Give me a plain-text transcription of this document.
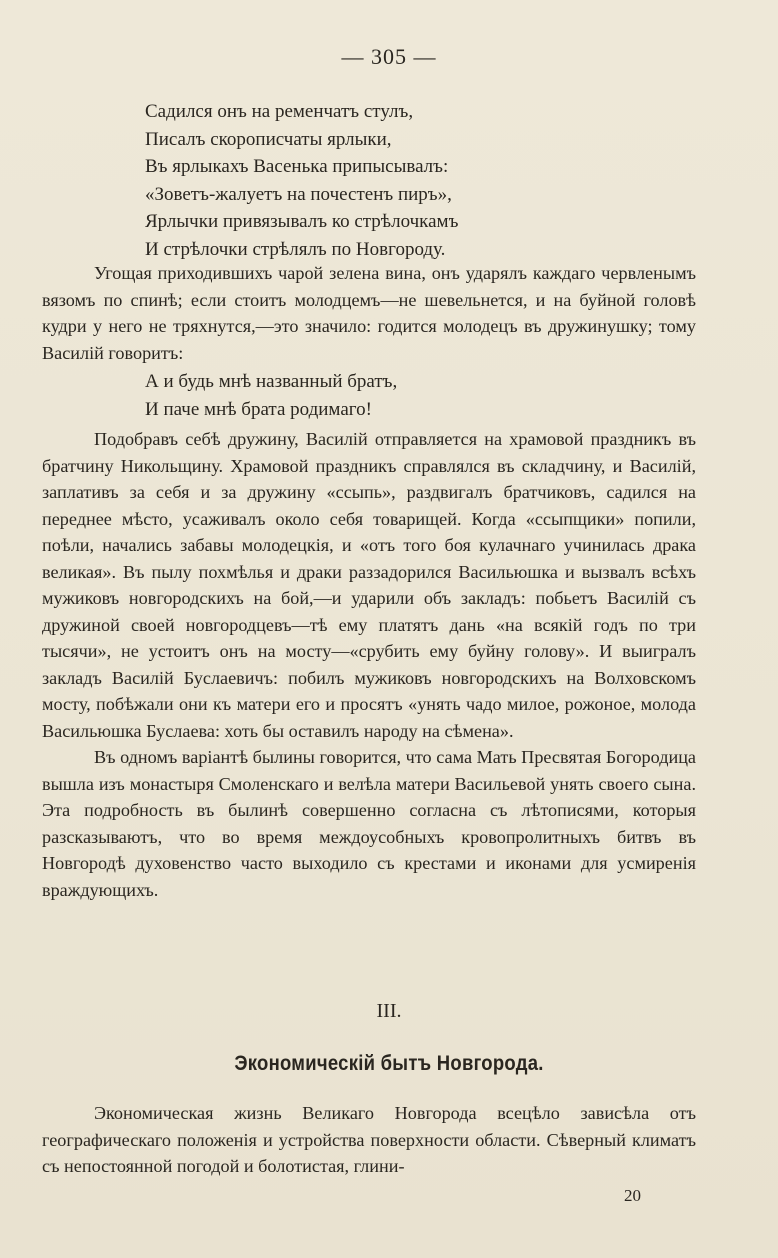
— 305 —
Садился онъ на ременчатъ стулъ,
Писалъ скорописчаты ярлыки,
Въ ярлыкахъ Васенька припысывалъ:
«Зоветъ-жалуетъ на почестенъ пиръ»,
Ярлычки привязывалъ ко стрѣлочкамъ
И стрѣлочки стрѣлялъ по Новгороду.

Угощая приходившихъ чарой зелена вина, онъ ударялъ каждаго червленымъ вязомъ по спинѣ; если стоитъ молодцемъ—не шевельнется, и на буйной головѣ кудри у него не тряхнутся,—это значило: годится молодецъ въ дружинушку; тому Василій говоритъ:

А и будь мнѣ названный братъ,
И паче мнѣ брата родимаго!

Подобравъ себѣ дружину, Василій отправляется на храмовой праздникъ въ братчину Никольщину. Храмовой праздникъ справлялся въ складчину, и Василій, заплативъ за себя и за дружину «ссыпь», раздвигалъ братчиковъ, садился на переднее мѣсто, усаживалъ около себя товарищей. Когда «ссыпщики» попили, поѣли, начались забавы молодецкія, и «отъ того боя кулачнаго учинилась драка великая». Въ пылу похмѣлья и драки раззадорился Васильюшка и вызвалъ всѣхъ мужиковъ новгородскихъ на бой,—и ударили объ закладъ: побьетъ Василій съ дружиной своей новгородцевъ—тѣ ему платятъ дань «на всякій годъ по три тысячи», не устоитъ онъ на мосту—«срубить ему буйну голову». И выигралъ закладъ Василій Буслаевичъ: побилъ мужиковъ новгородскихъ на Волховскомъ мосту, побѣжали они къ матери его и просятъ «унять чадо милое, рожоное, молода Васильюшка Буслаева: хоть бы оставилъ народу на сѣмена».

Въ одномъ варіантѣ былины говорится, что сама Мать Пресвятая Богородица вышла изъ монастыря Смоленскаго и велѣла матери Васильевой унять своего сына. Эта подробность въ былинѣ совершенно согласна съ лѣтописями, которыя разсказываютъ, что во время междоусобныхъ кровопролитныхъ битвъ въ Новгородѣ духовенство часто выходило съ крестами и иконами для усмиренія враждующихъ.

III.
Экономическій бытъ Новгорода.

Экономическая жизнь Великаго Новгорода всецѣло зависѣла отъ географическаго положенія и устройства поверхности области. Сѣверный климатъ съ непостоянной погодой и болотистая, глини-

20
